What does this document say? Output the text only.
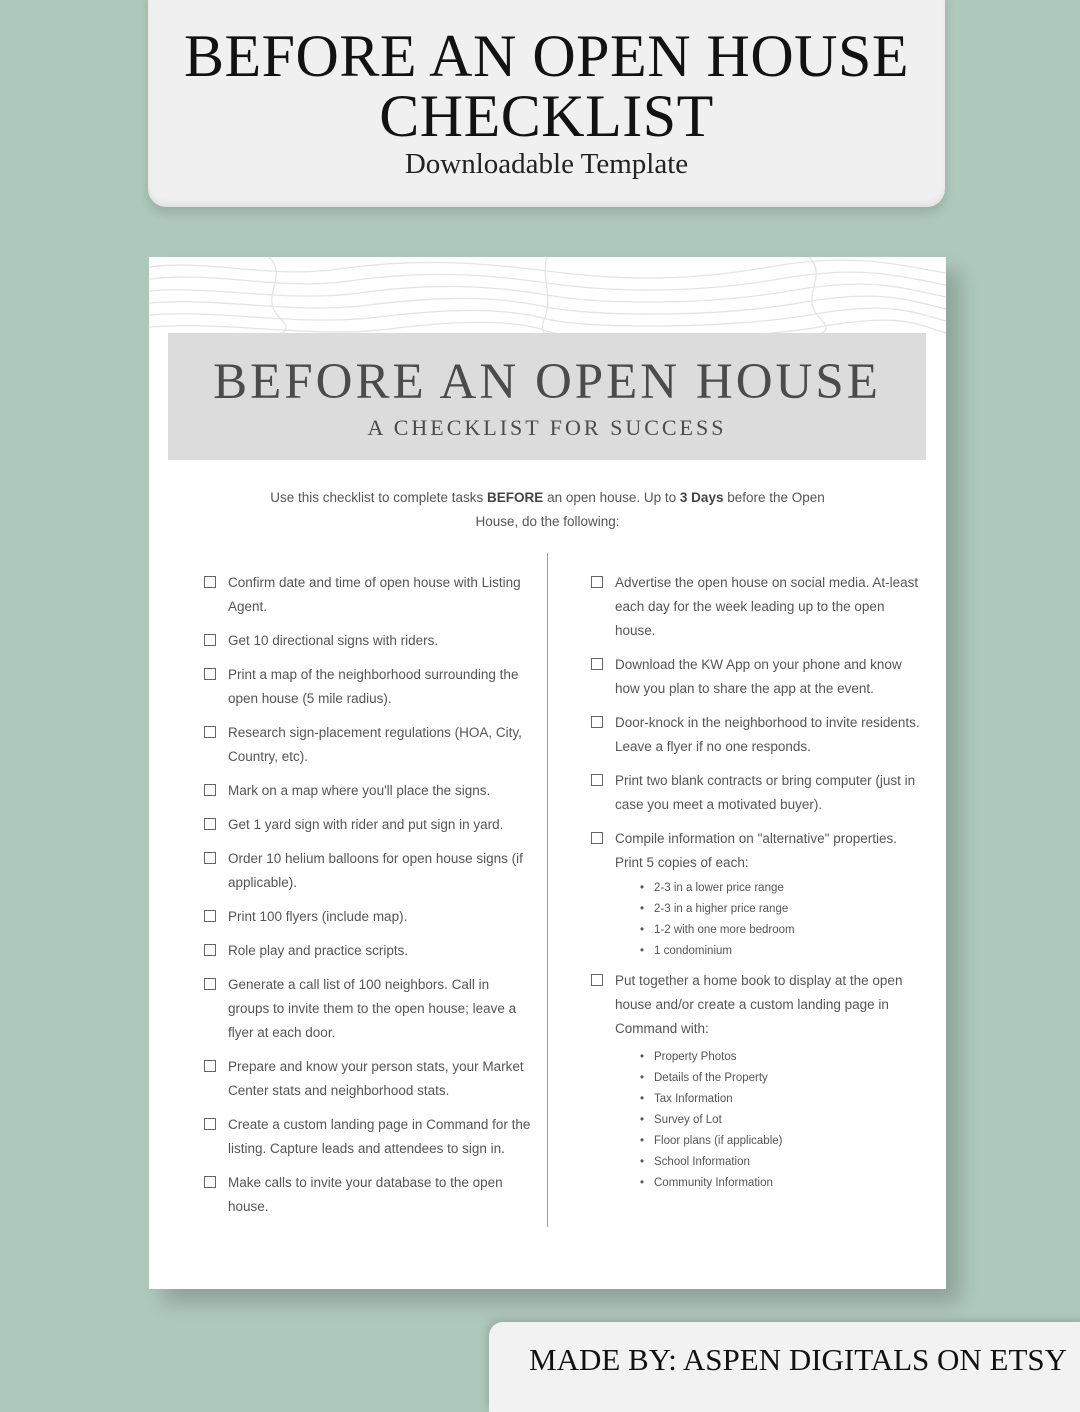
BEFORE AN OPEN HOUSE
CHECKLIST
Downloadable Template
BEFORE AN OPEN HOUSE
A CHECKLIST FOR SUCCESS
Use this checklist to complete tasks BEFORE an open house. Up to 3 Days before the Open House, do the following:
Confirm date and time of open house with Listing Agent.
Get 10 directional signs with riders.
Print a map of the neighborhood surrounding the open house (5 mile radius).
Research sign-placement regulations (HOA, City, Country, etc).
Mark on a map where you'll place the signs.
Get 1 yard sign with rider and put sign in yard.
Order 10 helium balloons for open house signs (if applicable).
Print 100 flyers (include map).
Role play and practice scripts.
Generate a call list of 100 neighbors. Call in groups to invite them to the open house; leave a flyer at each door.
Prepare and know your person stats, your Market Center stats and neighborhood stats.
Create a custom landing page in Command for the listing. Capture leads and attendees to sign in.
Make calls to invite your database to the open house.
Advertise the open house on social media. At-least each day for the week leading up to the open house.
Download the KW App on your phone and know how you plan to share the app at the event.
Door-knock in the neighborhood to invite residents. Leave a flyer if no one responds.
Print two blank contracts or bring computer (just in case you meet a motivated buyer).
Compile information on "alternative" properties. Print 5 copies of each:
• 2-3 in a lower price range
• 2-3 in a higher price range
• 1-2 with one more bedroom
• 1 condominium
Put together a home book to display at the open house and/or create a custom landing page in Command with:
• Property Photos
• Details of the Property
• Tax Information
• Survey of Lot
• Floor plans (if applicable)
• School Information
• Community Information
MADE BY: ASPEN DIGITALS ON ETSY
